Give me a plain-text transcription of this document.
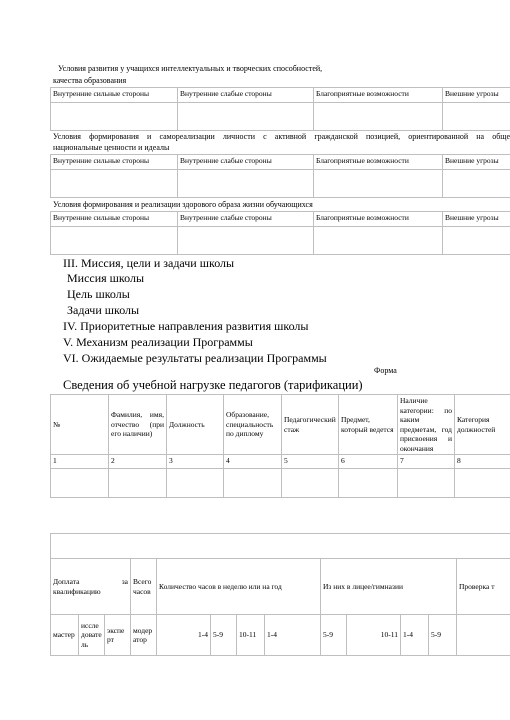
Условия развития у учащихся интеллектуальных и творческих способностей,
качества образования
Внутренние сильные стороны	Внутренние слабые стороны	Благоприятные возможности	Внешние угрозы

Условия формирования и самореализации личности с активной гражданской позицией, ориентированной на обще
национальные ценности и идеалы
Внутренние сильные стороны	Внутренние слабые стороны	Благоприятные возможности	Внешние угрозы

Условия формирования и реализации здорового образа жизни обучающихся
Внутренние сильные стороны	Внутренние слабые стороны	Благоприятные возможности	Внешние угрозы

III. Миссия, цели и задачи школы
Миссия школы
Цель школы
Задачи школы
IV. Приоритетные направления развития школы
V. Механизм реализации Программы
VI. Ожидаемые результаты реализации Программы
Форма
Сведения об учебной нагрузке педагогов (тарификации)
№	Фамилия, имя, отчество (при его наличии)	Должность	Образование, специальность по диплому	Педагогический стаж	Предмет, который ведется	Наличие категории: по каким предметам, год присвоения и окончания	Категория должностей
1	2	3	4	5	6	7	8

Доплата за квалификацию			Всего часов	Количество часов в неделю или на год				Из них в лицее/гимназии				Проверка т
мастер	исследователь	эксперт	модератор	1-4	5-9	10-11	1-4	5-9	10-11	1-4	5-9	
